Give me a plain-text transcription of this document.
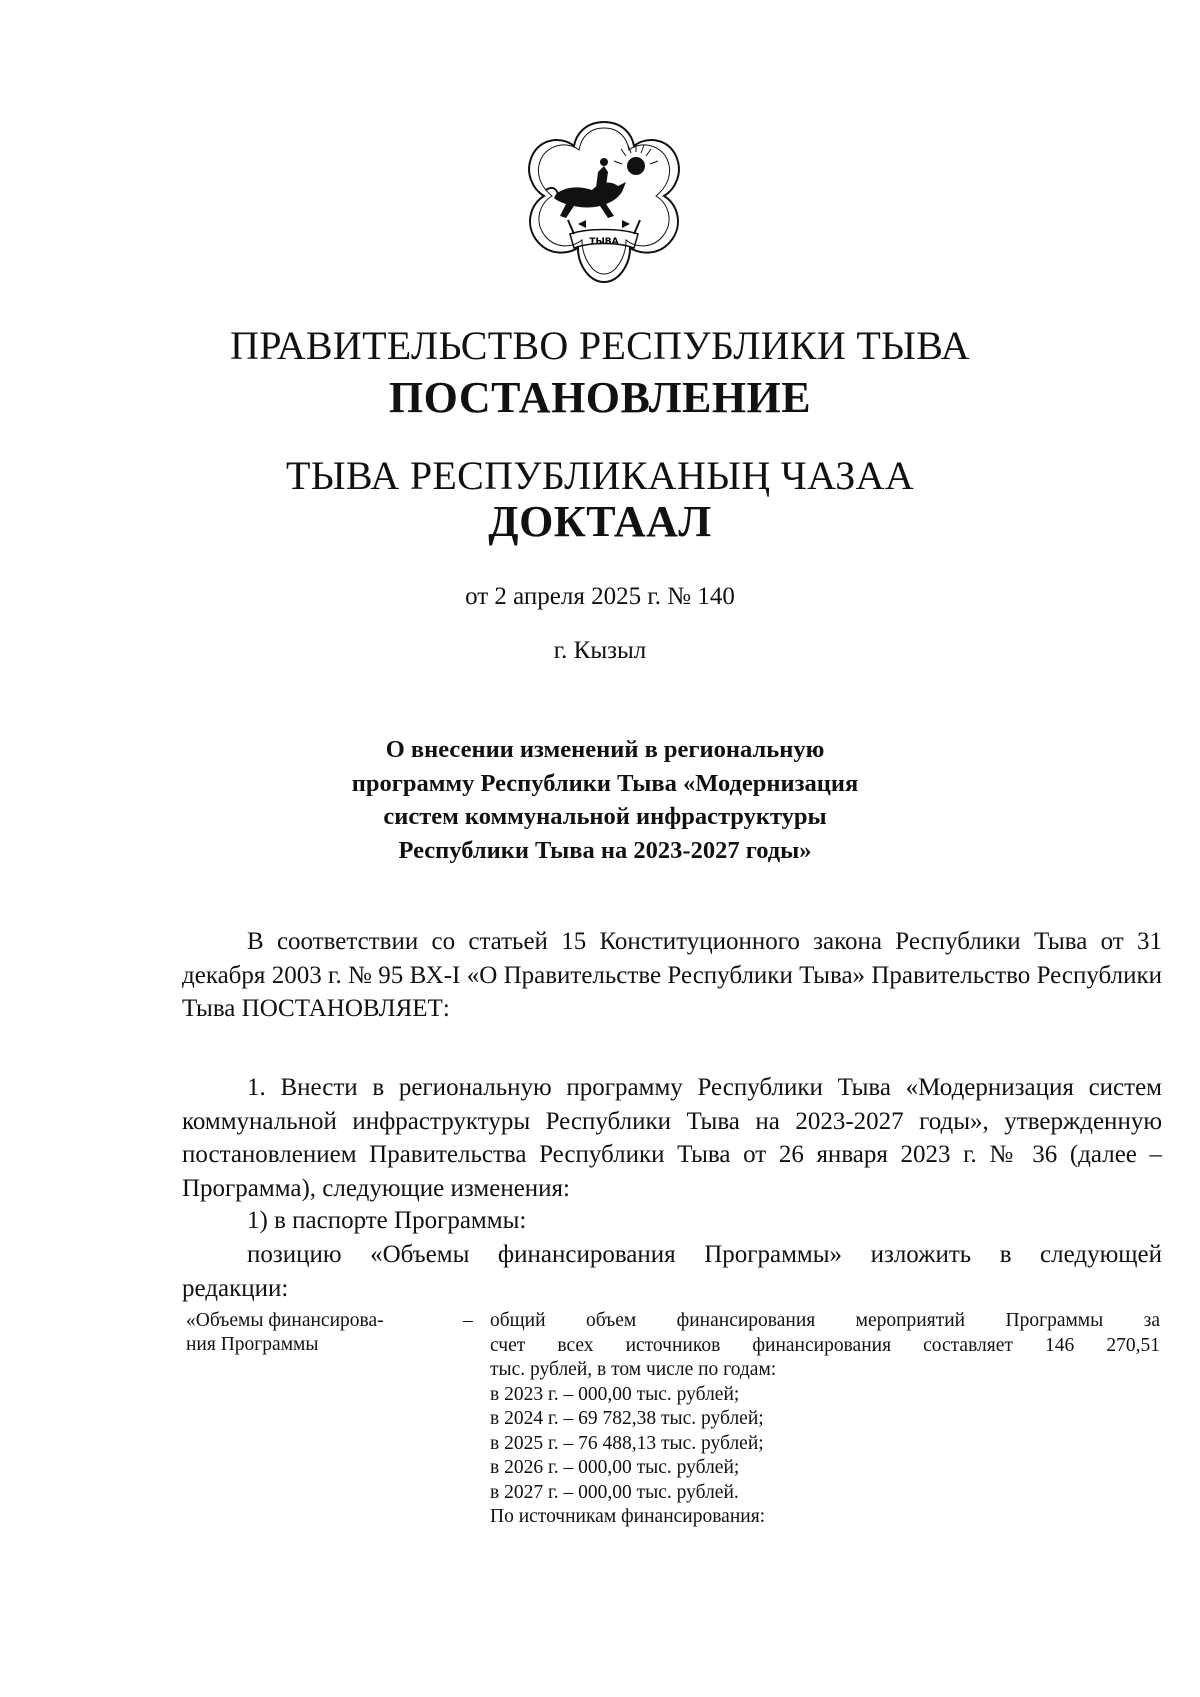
ТЫВА
ПРАВИТЕЛЬСТВО РЕСПУБЛИКИ ТЫВА
ПОСТАНОВЛЕНИЕ
ТЫВА РЕСПУБЛИКАНЫҢ ЧАЗАА
ДОКТААЛ
от 2 апреля 2025 г. № 140
г. Кызыл
О внесении изменений в региональную
программу Республики Тыва «Модернизация
систем коммунальной инфраструктуры
Республики Тыва на 2023-2027 годы»
В соответствии со статьей 15 Конституционного закона Республики Тыва от 31 декабря 2003 г. № 95 ВХ-I «О Правительстве Республики Тыва» Правительство Республики Тыва ПОСТАНОВЛЯЕТ:
1. Внести в региональную программу Республики Тыва «Модернизация систем коммунальной инфраструктуры Республики Тыва на 2023-2027 годы», утвержденную постановлением Правительства Республики Тыва от 26 января 2023 г. № 36 (далее – Программа), следующие изменения:
1) в паспорте Программы:
позицию «Объемы финансирования Программы» изложить в следующей
редакции:
«Объемы финансирова-
ния Программы
– общий объем финансирования мероприятий Программы за
счет всех источников финансирования составляет 146 270,51
тыс. рублей, в том числе по годам:
в 2023 г. – 000,00 тыс. рублей;
в 2024 г. – 69 782,38 тыс. рублей;
в 2025 г. – 76 488,13 тыс. рублей;
в 2026 г. – 000,00 тыс. рублей;
в 2027 г. – 000,00 тыс. рублей.
По источникам финансирования:
